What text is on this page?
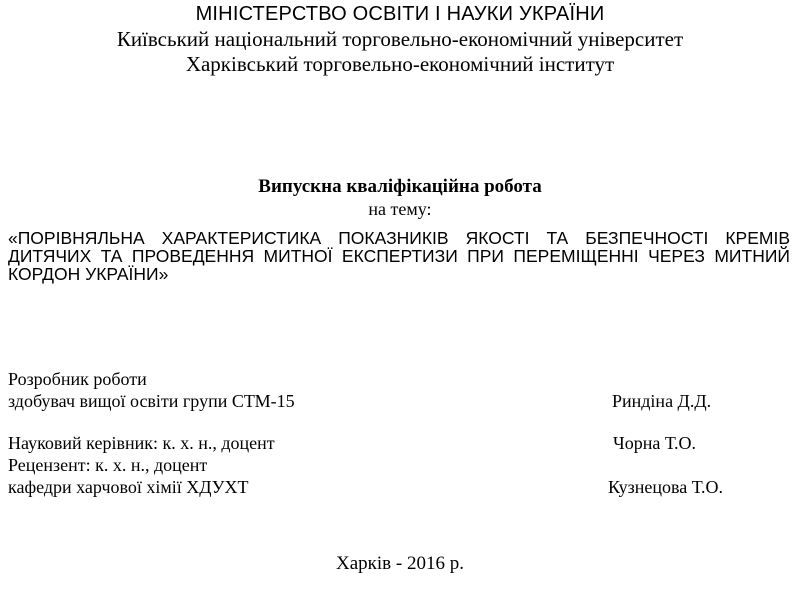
МІНІСТЕРСТВО ОСВІТИ І НАУКИ УКРАЇНИ
Київський національний торговельно-економічний університет
Харківський торговельно-економічний інститут
Випускна кваліфікаційна робота
на тему:
«ПОРІВНЯЛЬНА ХАРАКТЕРИСТИКА ПОКАЗНИКІВ ЯКОСТІ ТА БЕЗПЕЧНОСТІ КРЕМІВ ДИТЯЧИХ ТА ПРОВЕДЕННЯ МИТНОЇ ЕКСПЕРТИЗИ ПРИ ПЕРЕМІЩЕННІ ЧЕРЕЗ МИТНИЙ КОРДОН УКРАЇНИ»
Розробник роботи
здобувач вищої освіти групи СТМ-15	Риндіна Д.Д.
Науковий керівник: к. х. н., доцент	Чорна Т.О.
Рецензент: к. х. н., доцент
кафедри харчової хімії ХДУХТ	Кузнецова Т.О.
Харків - 2016 р.
